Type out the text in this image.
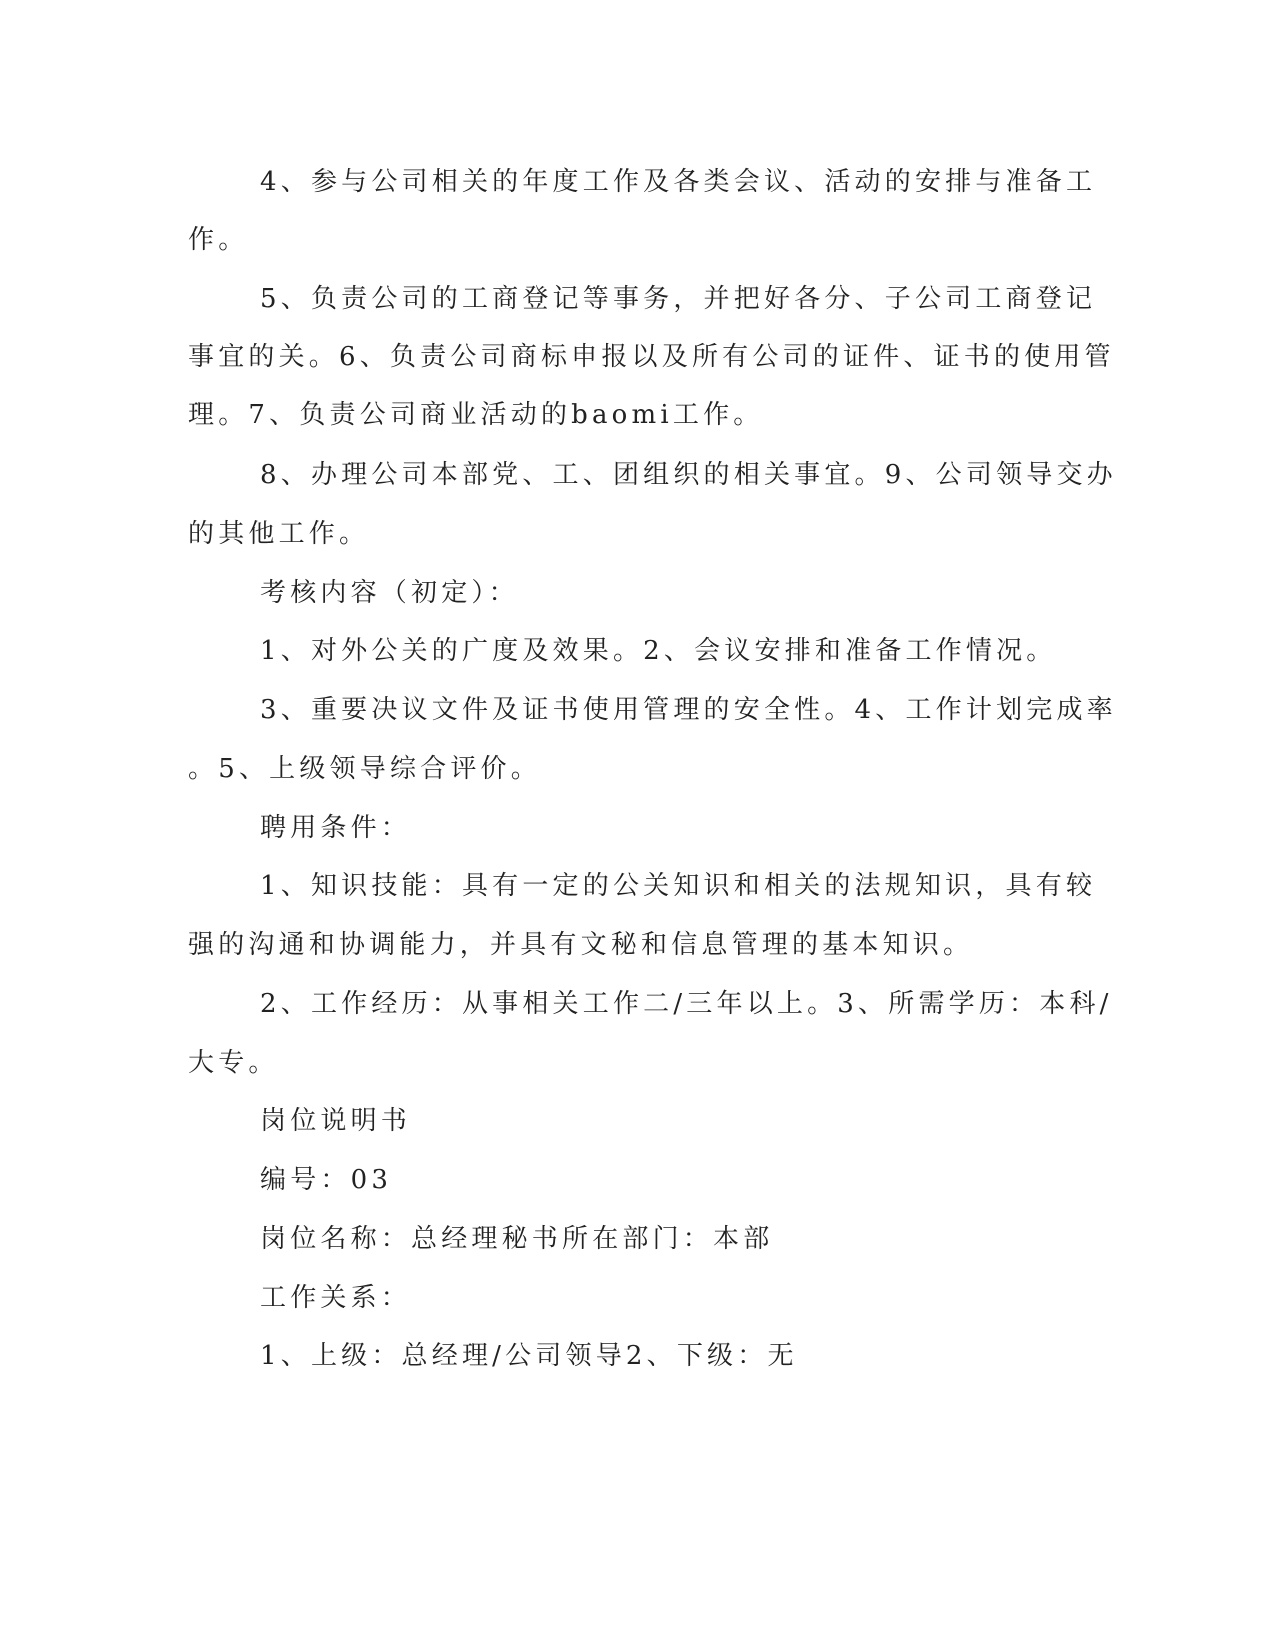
4、参与公司相关的年度工作及各类会议、活动的安排与准备工
作。
5、负责公司的工商登记等事务，并把好各分、子公司工商登记
事宜的关。6、负责公司商标申报以及所有公司的证件、证书的使用管
理。7、负责公司商业活动的baomi工作。
8、办理公司本部党、工、团组织的相关事宜。9、公司领导交办
的其他工作。
考核内容（初定）：
1、对外公关的广度及效果。2、会议安排和准备工作情况。
3、重要决议文件及证书使用管理的安全性。4、工作计划完成率
。5、上级领导综合评价。
聘用条件：
1、知识技能：具有一定的公关知识和相关的法规知识，具有较
强的沟通和协调能力，并具有文秘和信息管理的基本知识。
2、工作经历：从事相关工作二/三年以上。3、所需学历：本科/
大专。
岗位说明书
编号：03
岗位名称：总经理秘书所在部门：本部
工作关系：
1、上级：总经理/公司领导2、下级：无
